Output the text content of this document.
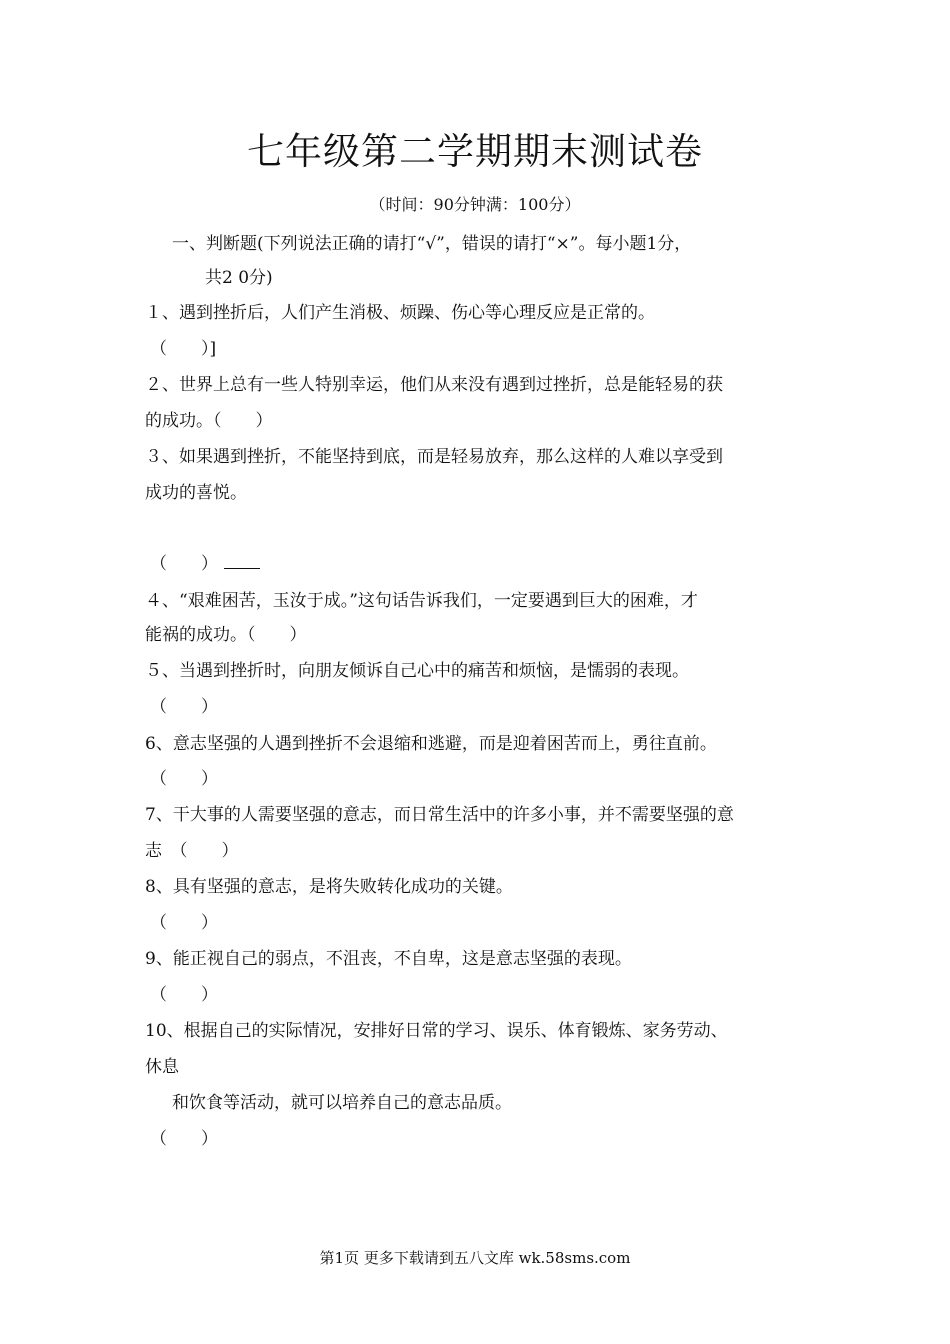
七年级第二学期期末测试卷
（时间：90分钟满：100分）
一、判断题(下列说法正确的请打“√”，错误的请打“×”。每小题1分，
共2 0分)
１、遇到挫折后，人们产生消极、烦躁、伤心等心理反应是正常的。
（　　）]
２、世界上总有一些人特别幸运，他们从来没有遇到过挫折，总是能轻易的获
的成功。（　　）
３、如果遇到挫折，不能坚持到底，而是轻易放弃，那么这样的人难以享受到
成功的喜悦。
（　　）
４、“艰难困苦，玉汝于成。”这句话告诉我们，一定要遇到巨大的困难，才
能祸的成功。（　　）
５、当遇到挫折时，向朋友倾诉自己心中的痛苦和烦恼，是懦弱的表现。
（　　）
6、意志坚强的人遇到挫折不会退缩和逃避，而是迎着困苦而上，勇往直前。
（　　）
7、干大事的人需要坚强的意志，而日常生活中的许多小事，并不需要坚强的意
志　（　　）
8、具有坚强的意志，是将失败转化成功的关键。
（　　）
9、能正视自己的弱点，不沮丧，不自卑，这是意志坚强的表现。
（　　）
10、根据自己的实际情况，安排好日常的学习、误乐、体育锻炼、家务劳动、
休息
和饮食等活动，就可以培养自己的意志品质。
（　　）
第1页 更多下载请到五八文库 wk.58sms.com
